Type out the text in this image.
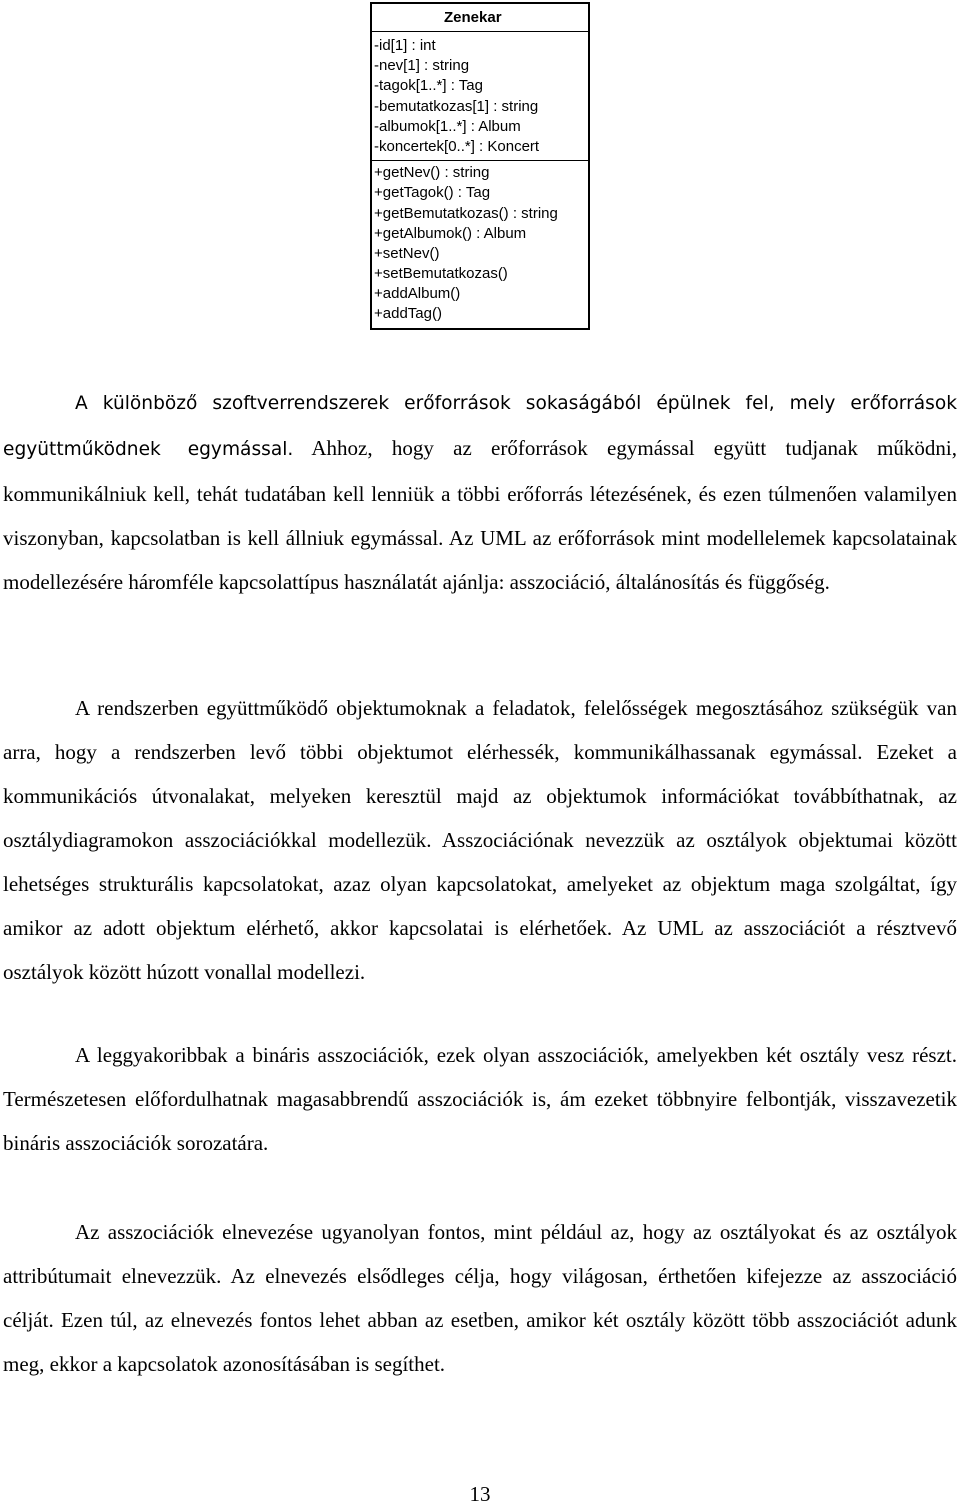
Zenekar
-id[1] : int
-nev[1] : string
-tagok[1..*] : Tag
-bemutatkozas[1] : string
-albumok[1..*] : Album
-koncertek[0..*] : Koncert
+getNev() : string
+getTagok() : Tag
+getBemutatkozas() : string
+getAlbumok() : Album
+setNev()
+setBemutatkozas()
+addAlbum()
+addTag()

A különböző szoftverrendszerek erőforrások sokaságából épülnek fel, mely erőforrások együttműködnek egymással. Ahhoz, hogy az erőforrások egymással együtt tudjanak működni, kommunikálniuk kell, tehát tudatában kell lenniük a többi erőforrás létezésének, és ezen túlmenően valamilyen viszonyban, kapcsolatban is kell állniuk egymással. Az UML az erőforrások mint modellelemek kapcsolatainak modellezésére háromféle kapcsolattípus használatát ajánlja: asszociáció, általánosítás és függőség.

A rendszerben együttműködő objektumoknak a feladatok, felelősségek megosztásához szükségük van arra, hogy a rendszerben levő többi objektumot elérhessék, kommunikálhassanak egymással. Ezeket a kommunikációs útvonalakat, melyeken keresztül majd az objektumok információkat továbbíthatnak, az osztálydiagramokon asszociációkkal modellezük. Asszociációnak nevezzük az osztályok objektumai között lehetséges strukturális kapcsolatokat, azaz olyan kapcsolatokat, amelyeket az objektum maga szolgáltat, így amikor az adott objektum elérhető, akkor kapcsolatai is elérhetőek. Az UML az asszociációt a résztvevő osztályok között húzott vonallal modellezi.

A leggyakoribbak a bináris asszociációk, ezek olyan asszociációk, amelyekben két osztály vesz részt. Természetesen előfordulhatnak magasabbrendű asszociációk is, ám ezeket többnyire felbontják, visszavezetik bináris asszociációk sorozatára.

Az asszociációk elnevezése ugyanolyan fontos, mint például az, hogy az osztályokat és az osztályok attribútumait elnevezzük. Az elnevezés elsődleges célja, hogy világosan, érthetően kifejezze az asszociáció célját. Ezen túl, az elnevezés fontos lehet abban az esetben, amikor két osztály között több asszociációt adunk meg, ekkor a kapcsolatok azonosításában is segíthet.

13
